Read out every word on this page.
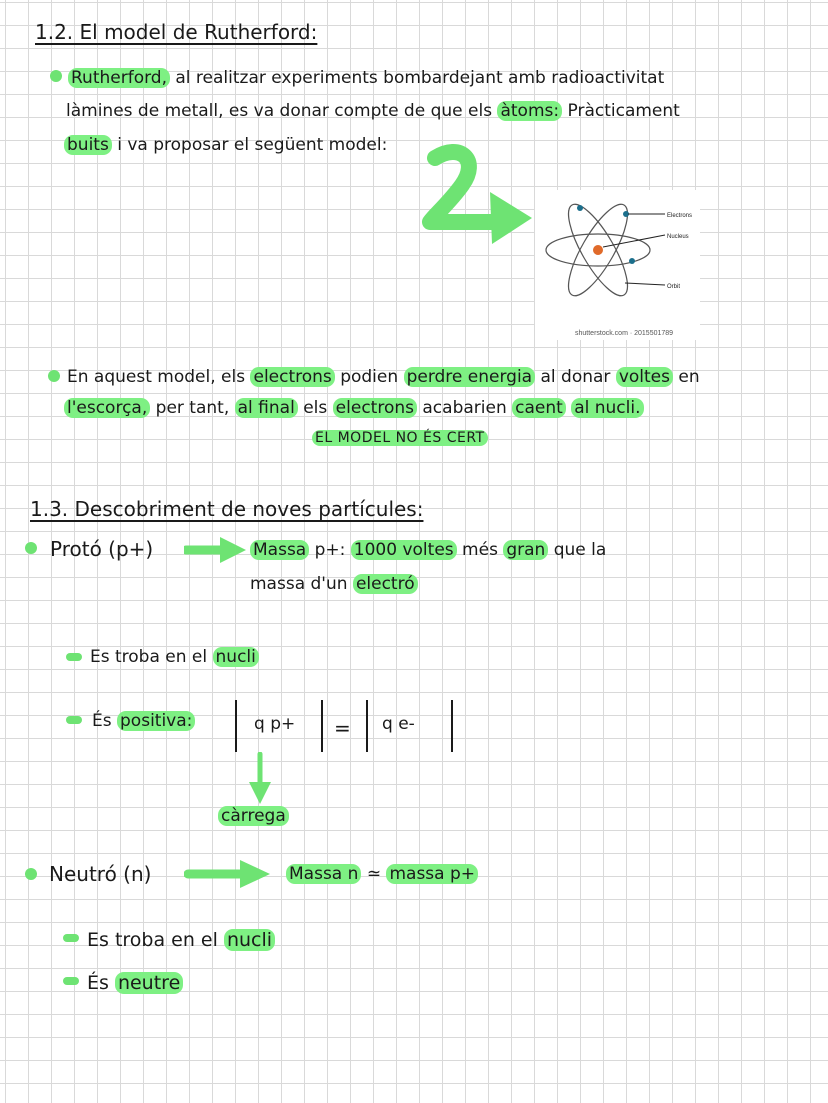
1.2. El model de Rutherford:
Rutherford, al realitzar experiments bombardejant amb radioactivitat
làmines de metall, es va donar compte de que els àtoms: Pràcticament
buits i va proposar el següent model:
Electrons
Nucleus
Orbit
shutterstock.com · 2015501789
En aquest model, els electrons podien perdre energia al donar voltes en
l'escorça, per tant, al final els electrons acabarien caent al nucli.
EL MODEL NO ÉS CERT
1.3. Descobriment de noves partícules:
Protó (p+)	Massa p+: 1000 voltes més gran que la
massa d'un electró
Es troba en el nucli
És positiva:	q p+ = q e-
càrrega
Neutró (n)	Massa n ≃ massa p+
Es troba en el nucli
És neutre
